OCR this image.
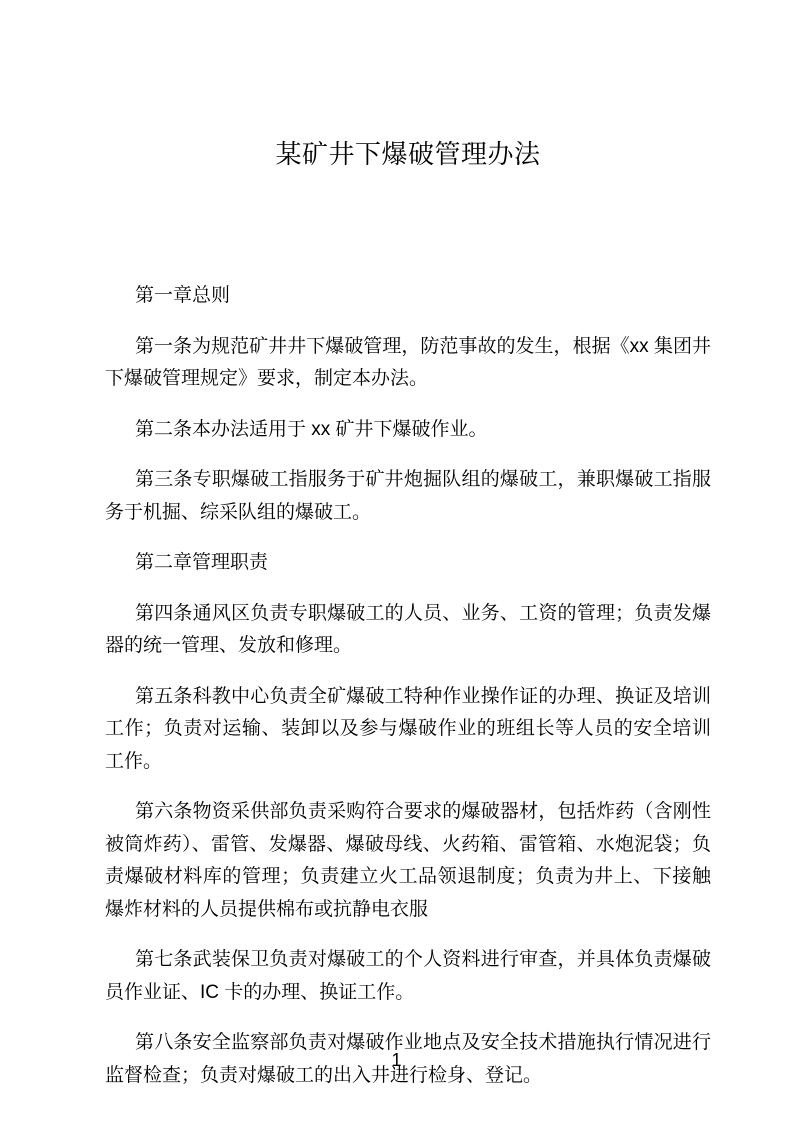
某矿井下爆破管理办法

第一章总则

第一条为规范矿井井下爆破管理，防范事故的发生，根据《xx 集团井下爆破管理规定》要求，制定本办法。

第二条本办法适用于 xx 矿井下爆破作业。

第三条专职爆破工指服务于矿井炮掘队组的爆破工，兼职爆破工指服务于机掘、综采队组的爆破工。

第二章管理职责

第四条通风区负责专职爆破工的人员、业务、工资的管理；负责发爆器的统一管理、发放和修理。

第五条科教中心负责全矿爆破工特种作业操作证的办理、换证及培训工作；负责对运输、装卸以及参与爆破作业的班组长等人员的安全培训工作。

第六条物资采供部负责采购符合要求的爆破器材，包括炸药（含刚性被筒炸药）、雷管、发爆器、爆破母线、火药箱、雷管箱、水炮泥袋；负责爆破材料库的管理；负责建立火工品领退制度；负责为井上、下接触爆炸材料的人员提供棉布或抗静电衣服

第七条武装保卫负责对爆破工的个人资料进行审查，并具体负责爆破员作业证、IC 卡的办理、换证工作。

第八条安全监察部负责对爆破作业地点及安全技术措施执行情况进行监督检查；负责对爆破工的出入井进行检身、登记。

1
